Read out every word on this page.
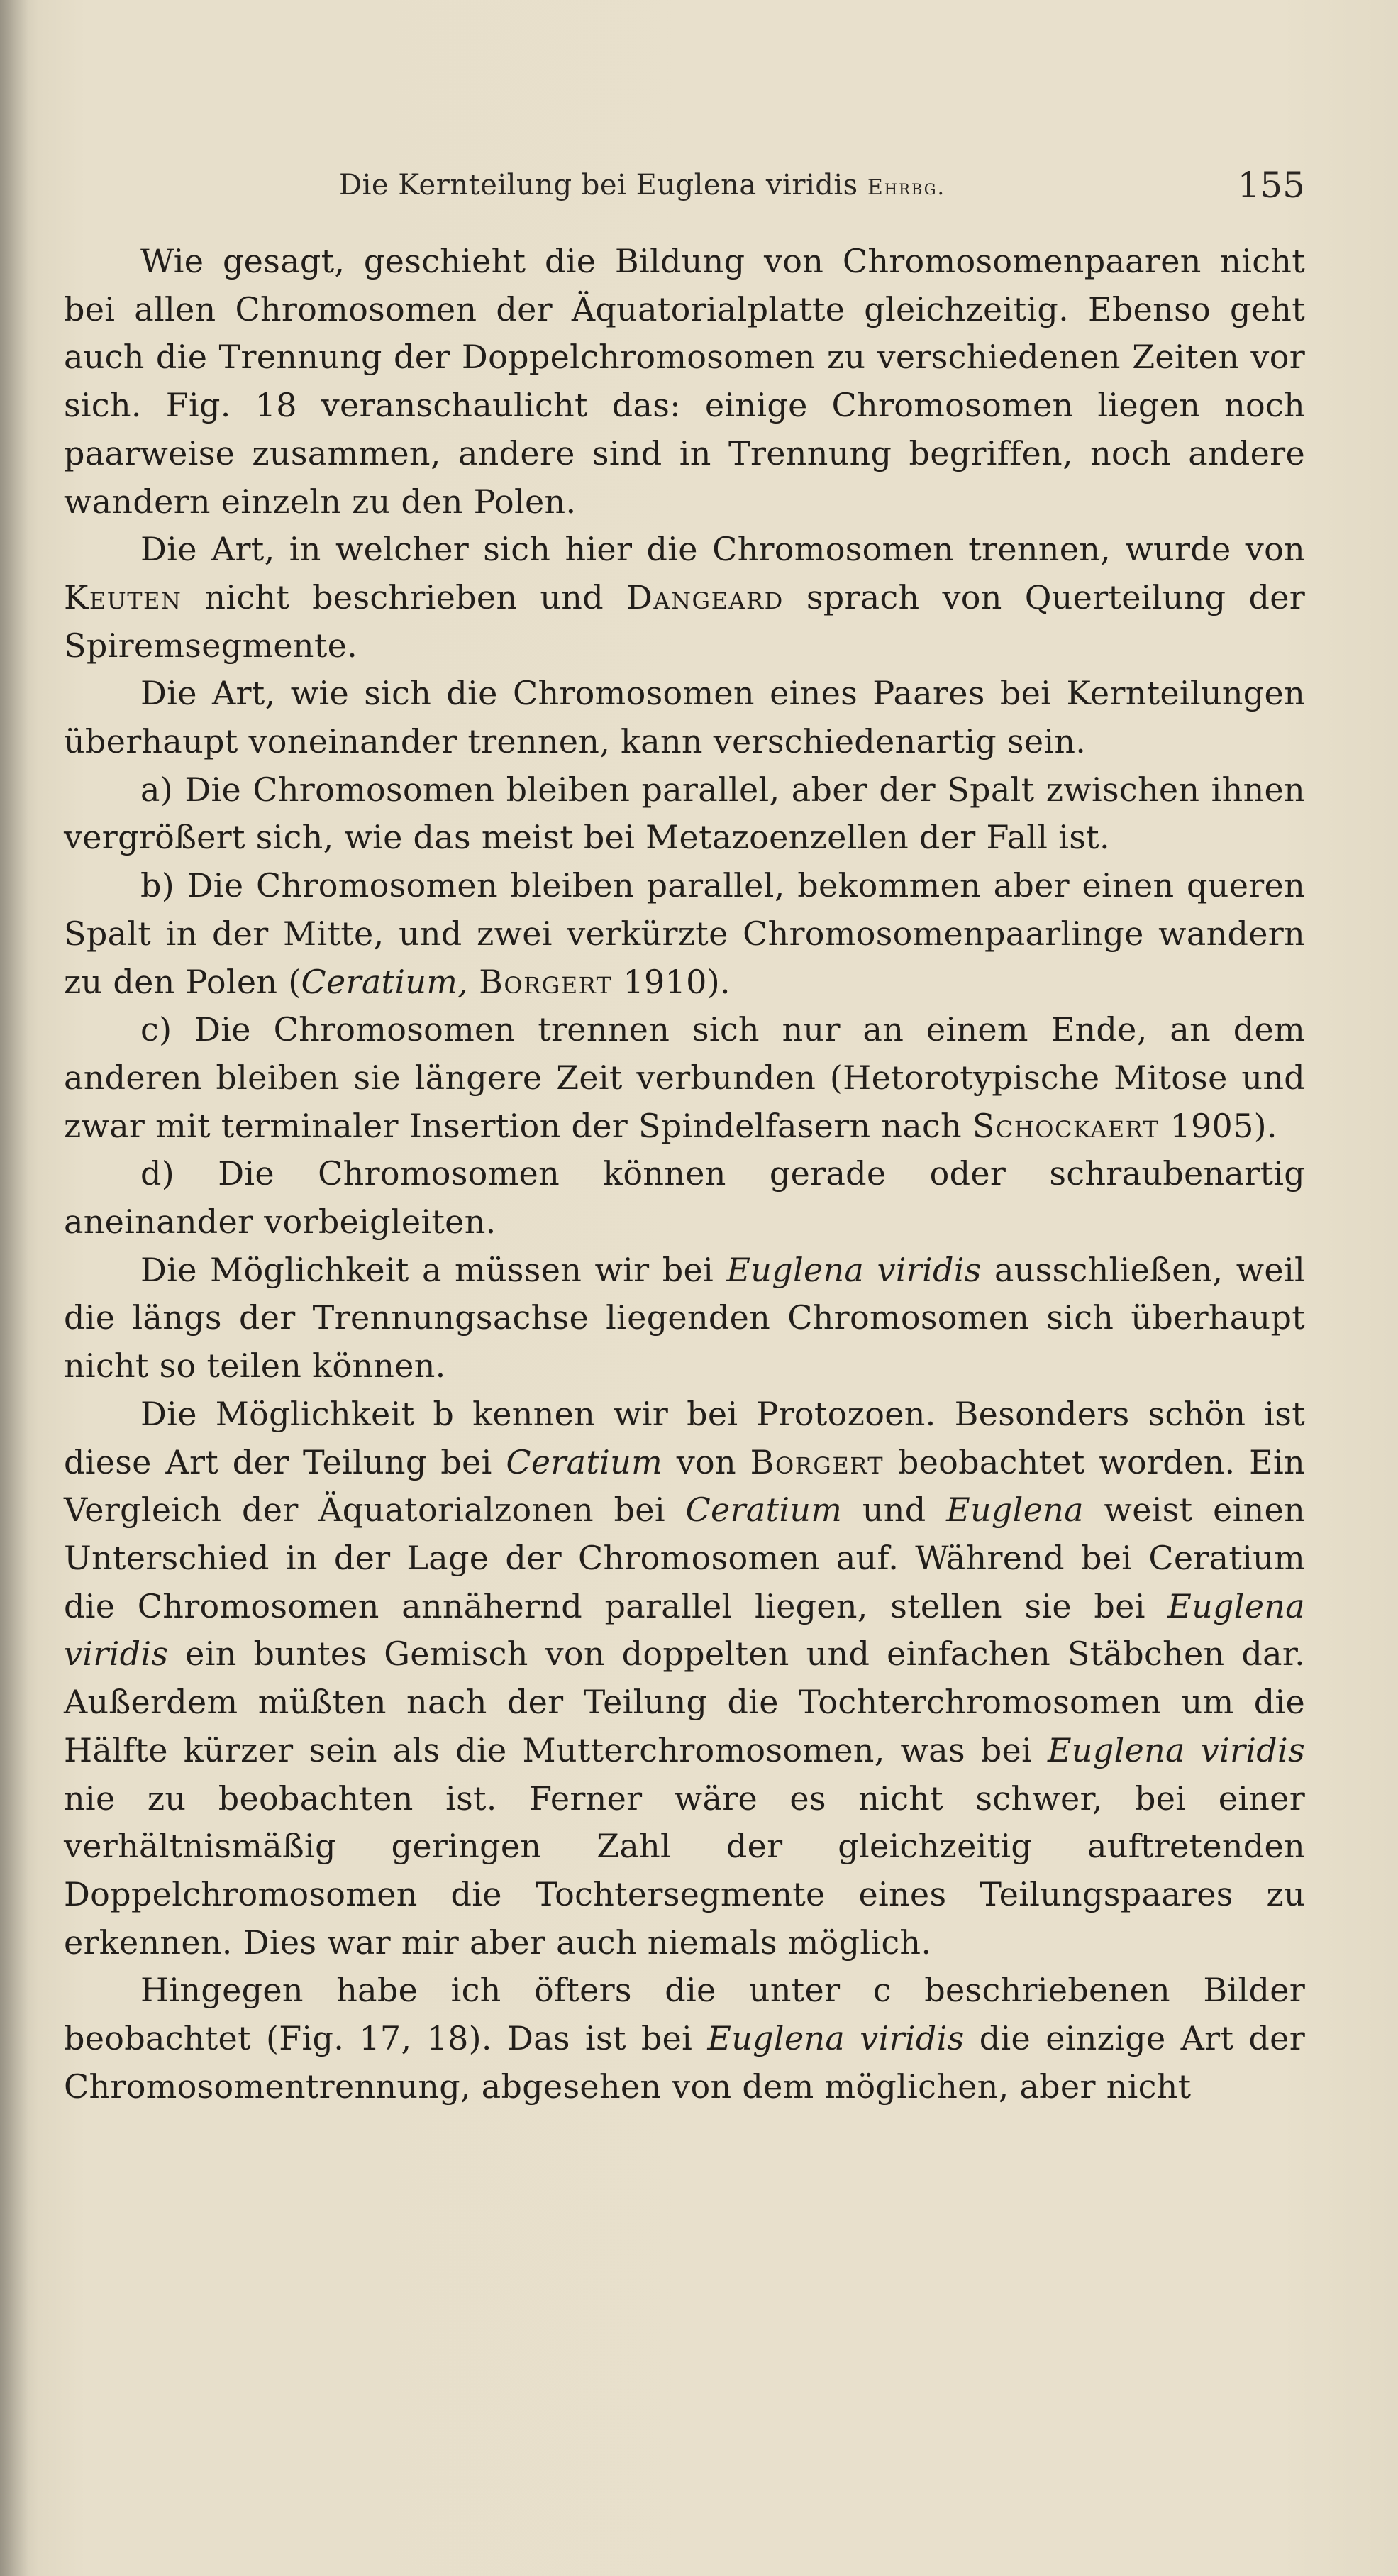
Die Kernteilung bei Euglena viridis Ehrbg.	155

Wie gesagt, geschieht die Bildung von Chromosomenpaaren nicht bei allen Chromosomen der Äquatorialplatte gleichzeitig. Ebenso geht auch die Trennung der Doppelchromosomen zu verschiedenen Zeiten vor sich. Fig. 18 veranschaulicht das: einige Chromosomen liegen noch paarweise zusammen, andere sind in Trennung begriffen, noch andere wandern einzeln zu den Polen.

Die Art, in welcher sich hier die Chromosomen trennen, wurde von Keuten nicht beschrieben und Dangeard sprach von Querteilung der Spiremsegmente.

Die Art, wie sich die Chromosomen eines Paares bei Kernteilungen überhaupt voneinander trennen, kann verschiedenartig sein.

a) Die Chromosomen bleiben parallel, aber der Spalt zwischen ihnen vergrößert sich, wie das meist bei Metazoenzellen der Fall ist.

b) Die Chromosomen bleiben parallel, bekommen aber einen queren Spalt in der Mitte, und zwei verkürzte Chromosomenpaarlinge wandern zu den Polen (Ceratium, Borgert 1910).

c) Die Chromosomen trennen sich nur an einem Ende, an dem anderen bleiben sie längere Zeit verbunden (Hetorotypische Mitose und zwar mit terminaler Insertion der Spindelfasern nach Schockaert 1905).

d) Die Chromosomen können gerade oder schraubenartig aneinander vorbeigleiten.

Die Möglichkeit a müssen wir bei Euglena viridis ausschließen, weil die längs der Trennungsachse liegenden Chromosomen sich überhaupt nicht so teilen können.

Die Möglichkeit b kennen wir bei Protozoen. Besonders schön ist diese Art der Teilung bei Ceratium von Borgert beobachtet worden. Ein Vergleich der Äquatorialzonen bei Ceratium und Euglena weist einen Unterschied in der Lage der Chromosomen auf. Während bei Ceratium die Chromosomen annähernd parallel liegen, stellen sie bei Euglena viridis ein buntes Gemisch von doppelten und einfachen Stäbchen dar. Außerdem müßten nach der Teilung die Tochterchromosomen um die Hälfte kürzer sein als die Mutterchromosomen, was bei Euglena viridis nie zu beobachten ist. Ferner wäre es nicht schwer, bei einer verhältnismäßig geringen Zahl der gleichzeitig auftretenden Doppelchromosomen die Tochtersegmente eines Teilungspaares zu erkennen. Dies war mir aber auch niemals möglich.

Hingegen habe ich öfters die unter c beschriebenen Bilder beobachtet (Fig. 17, 18). Das ist bei Euglena viridis die einzige Art der Chromosomentrennung, abgesehen von dem möglichen, aber nicht
